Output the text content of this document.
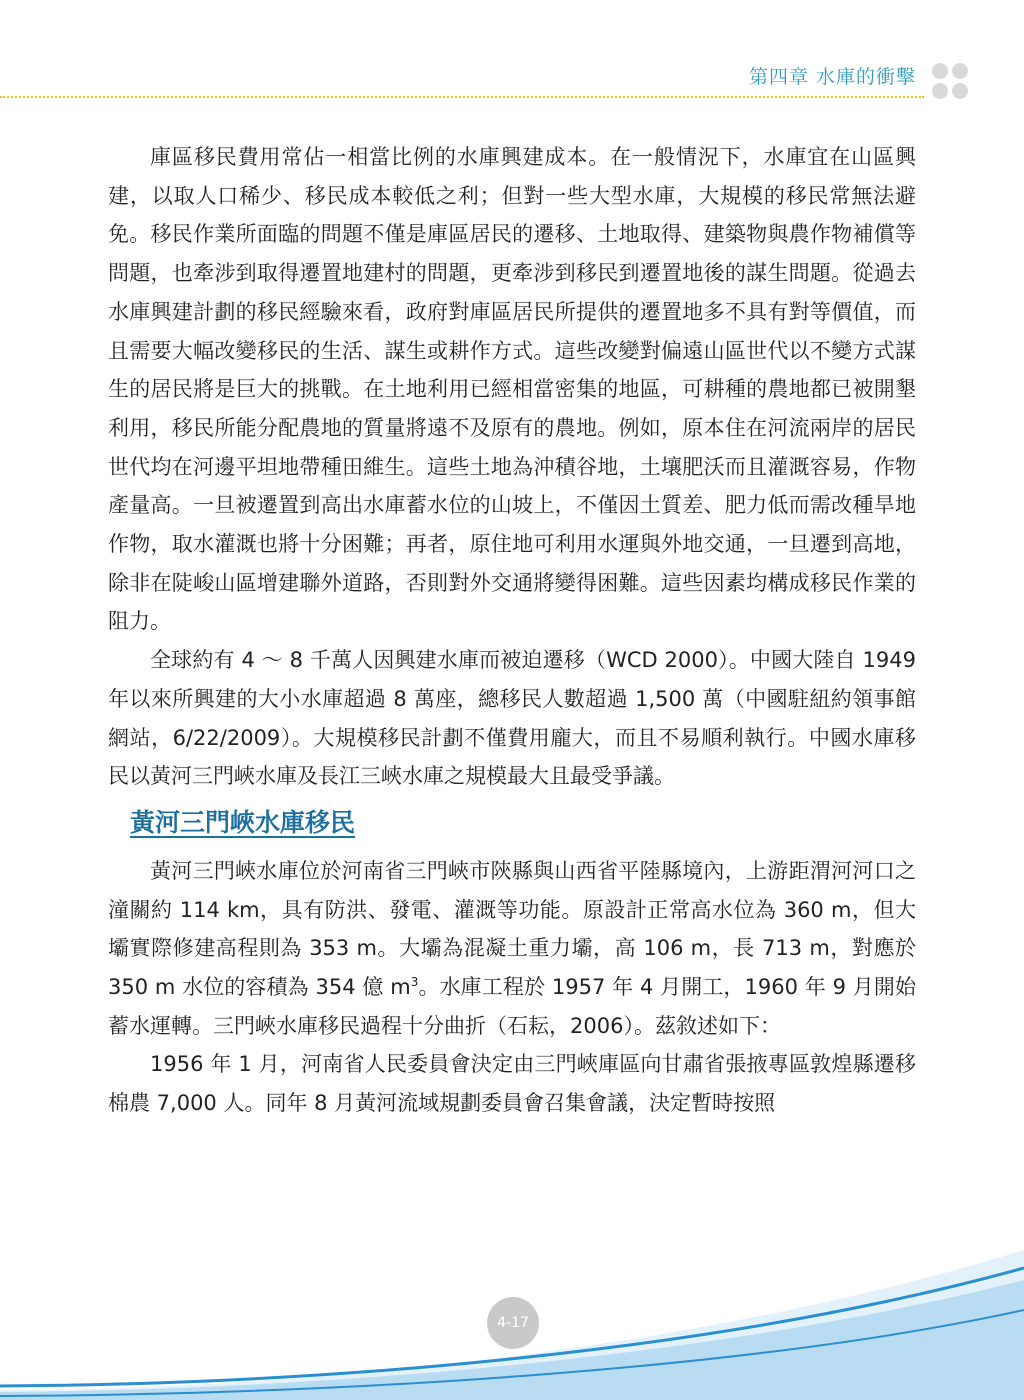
第四章 水庫的衝擊

庫區移民費用常佔一相當比例的水庫興建成本。在一般情況下，水庫宜在山區興建，以取人口稀少、移民成本較低之利；但對一些大型水庫，大規模的移民常無法避免。移民作業所面臨的問題不僅是庫區居民的遷移、土地取得、建築物與農作物補償等問題，也牽涉到取得遷置地建村的問題，更牽涉到移民到遷置地後的謀生問題。從過去水庫興建計劃的移民經驗來看，政府對庫區居民所提供的遷置地多不具有對等價值，而且需要大幅改變移民的生活、謀生或耕作方式。這些改變對偏遠山區世代以不變方式謀生的居民將是巨大的挑戰。在土地利用已經相當密集的地區，可耕種的農地都已被開墾利用，移民所能分配農地的質量將遠不及原有的農地。例如，原本住在河流兩岸的居民世代均在河邊平坦地帶種田維生。這些土地為沖積谷地，土壤肥沃而且灌溉容易，作物產量高。一旦被遷置到高出水庫蓄水位的山坡上，不僅因土質差、肥力低而需改種旱地作物，取水灌溉也將十分困難；再者，原住地可利用水運與外地交通，一旦遷到高地，除非在陡峻山區增建聯外道路，否則對外交通將變得困難。這些因素均構成移民作業的阻力。

全球約有 4 ～ 8 千萬人因興建水庫而被迫遷移（WCD 2000）。中國大陸自 1949 年以來所興建的大小水庫超過 8 萬座，總移民人數超過 1,500 萬（中國駐紐約領事館網站，6/22/2009）。大規模移民計劃不僅費用龐大，而且不易順利執行。中國水庫移民以黃河三門峽水庫及長江三峽水庫之規模最大且最受爭議。

黃河三門峽水庫移民

黃河三門峽水庫位於河南省三門峽市陝縣與山西省平陸縣境內，上游距渭河河口之潼關約 114 km，具有防洪、發電、灌溉等功能。原設計正常高水位為 360 m，但大壩實際修建高程則為 353 m。大壩為混凝土重力壩，高 106 m，長 713 m，對應於 350 m 水位的容積為 354 億 $m^3$。水庫工程於 1957 年 4 月開工，1960 年 9 月開始蓄水運轉。三門峽水庫移民過程十分曲折（石耘，2006）。茲敘述如下：

1956 年 1 月，河南省人民委員會決定由三門峽庫區向甘肅省張掖專區敦煌縣遷移棉農 7,000 人。同年 8 月黃河流域規劃委員會召集會議，決定暫時按照

4-17
